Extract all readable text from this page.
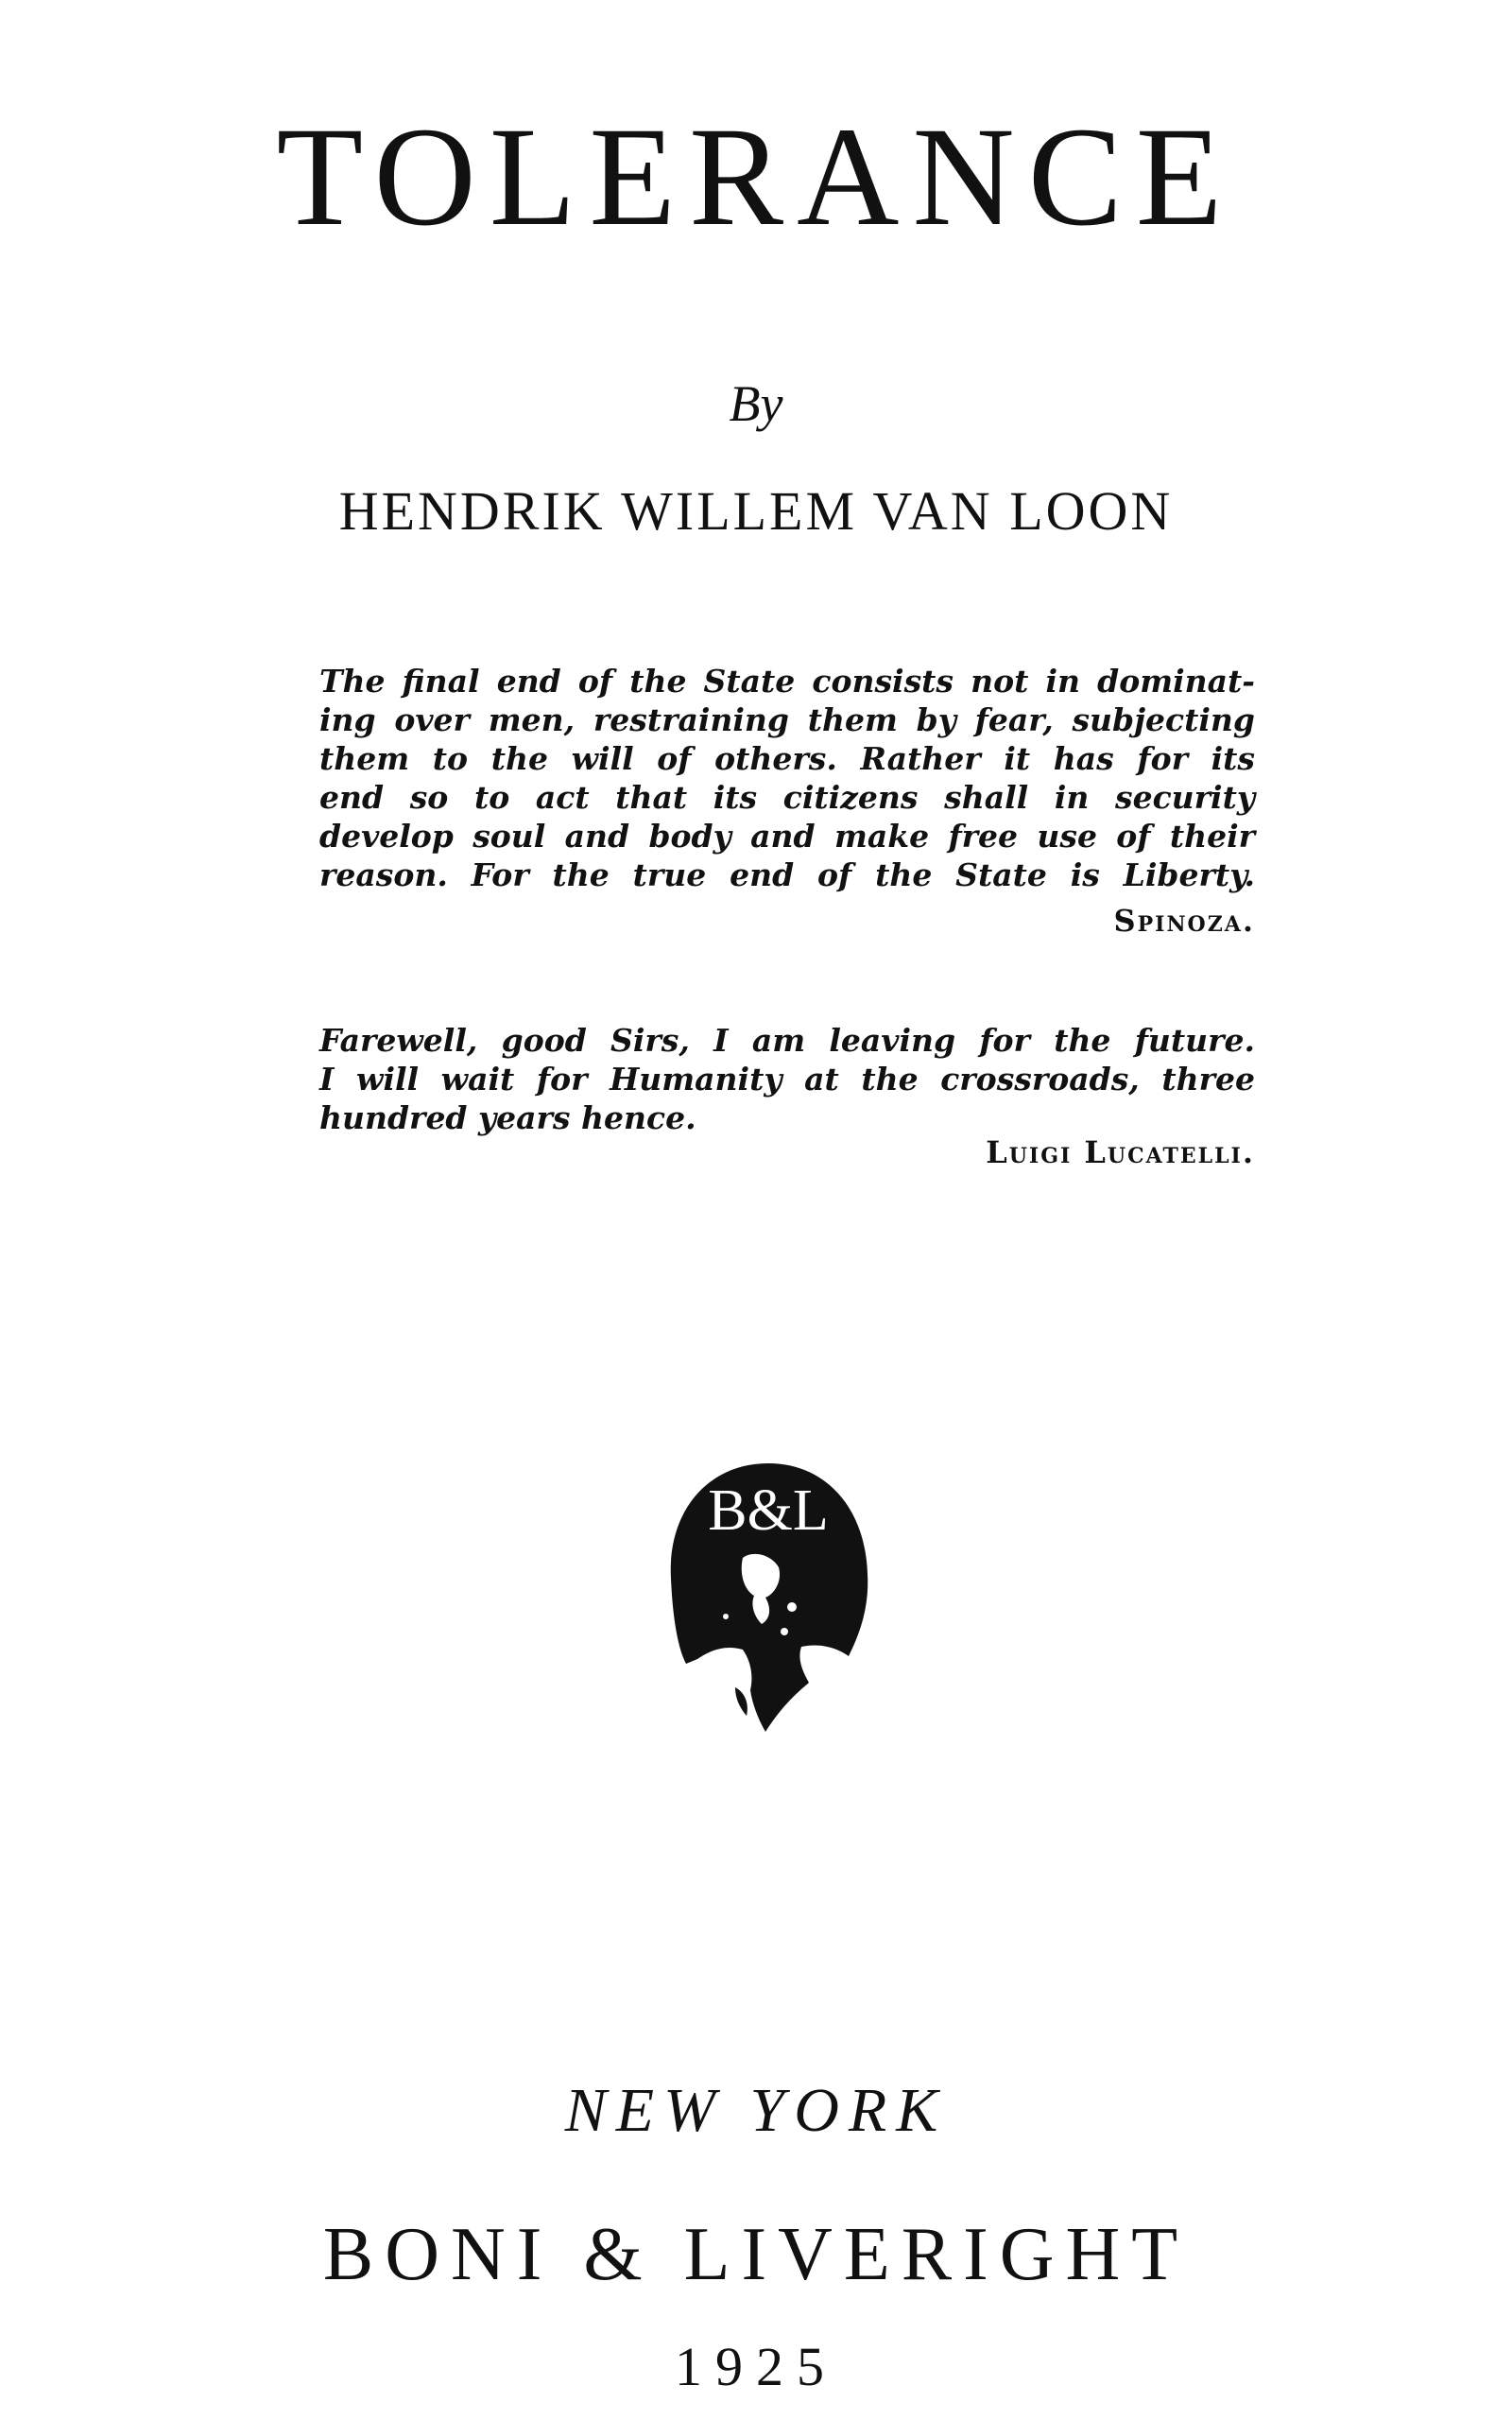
TOLERANCE
By
HENDRIK WILLEM VAN LOON
The final end of the State consists not in dominat-
ing over men, restraining them by fear, subjecting
them to the will of others. Rather it has for its
end so to act that its citizens shall in security
develop soul and body and make free use of their
reason. For the true end of the State is Liberty.
Spinoza.
Farewell, good Sirs, I am leaving for the future.
I will wait for Humanity at the crossroads, three
hundred years hence.
Luigi Lucatelli.
B&L
NEW YORK
BONI & LIVERIGHT
1925
